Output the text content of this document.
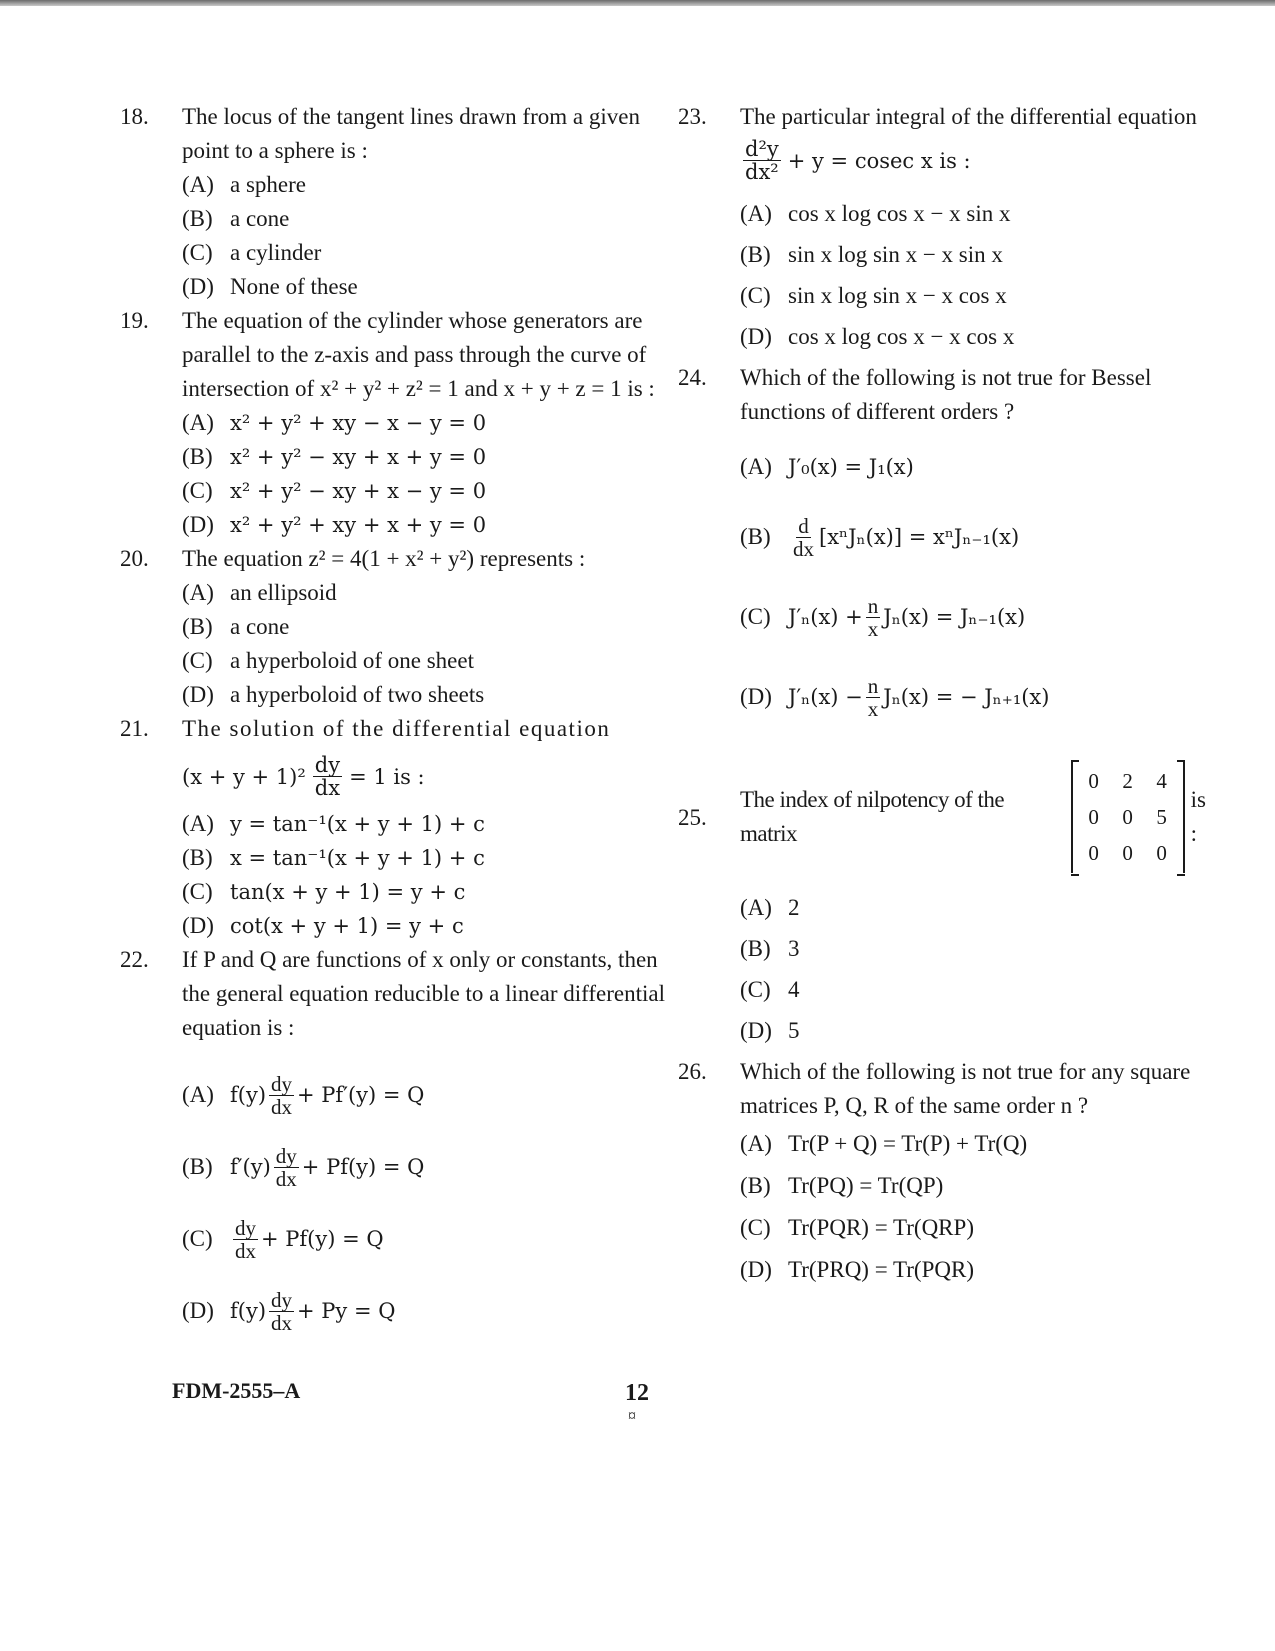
18.	The locus of the tangent lines drawn from a given point to a sphere is :
(A) a sphere
(B) a cone
(C) a cylinder
(D) None of these
19.	The equation of the cylinder whose generators are parallel to the z-axis and pass through the curve of intersection of x² + y² + z² = 1 and x + y + z = 1 is :
(A) x² + y² + xy − x − y = 0
(B) x² + y² − xy + x + y = 0
(C) x² + y² − xy + x − y = 0
(D) x² + y² + xy + x + y = 0
20.	The equation z² = 4(1 + x² + y²) represents :
(A) an ellipsoid
(B) a cone
(C) a hyperboloid of one sheet
(D) a hyperboloid of two sheets
21.	The solution of the differential equation
$(x + y + 1)^2 \frac{dy}{dx} = 1$ is :
(A) y = tan⁻¹(x + y + 1) + c
(B) x = tan⁻¹(x + y + 1) + c
(C) tan(x + y + 1) = y + c
(D) cot(x + y + 1) = y + c
22.	If P and Q are functions of x only or constants, then the general equation reducible to a linear differential equation is :
(A) $f(y) \frac{dy}{dx} + Pf'(y) = Q$
(B) $f'(y) \frac{dy}{dx} + Pf(y) = Q$
$(C) \frac{dy}{dx} + Pf(y) = Q$
(D) $f(y) \frac{dy}{dx} + Py = Q$
23.	The particular integral of the differential equation
$\frac{\text{d²y}}{\text{dx²}} + y = cosec$ x is :
(A) cos x log cos x − x sin x
(B) sin x log sin x − x sin x
(C) sin x log sin x − x cos x
(D) cos x log cos x − x cos x
24.	Which of the following is not true for Bessel functions of different orders ?
(A) J′₀(x) = J₁(x)
$(B) \frac{d}{dx} [x^nJ_n(x)] = x^nJ_{n-1}(x)$
(C) $J'_n(x) + \frac{n}{x} J_n(x) = J_{n-1}(x)$
(D) $J'_n(x) - \frac{n}{x} J_n(x)$ = − Jₙ₊₁(x)
25.
The index of nilpotency of the matrix
0	2	4
0	0	5
0	0	0
is :
(A) 2
(B) 3
(C) 4
(D) 5
26.	Which of the following is not true for any square matrices P, Q, R of the same order n ?
(A) Tr(P + Q) = Tr(P) + Tr(Q)
(B) Tr(PQ) = Tr(QP)
(C) Tr(PQR) = Tr(QRP)
(D) Tr(PRQ) = Tr(PQR)
FDM-2555–A	12
¤
